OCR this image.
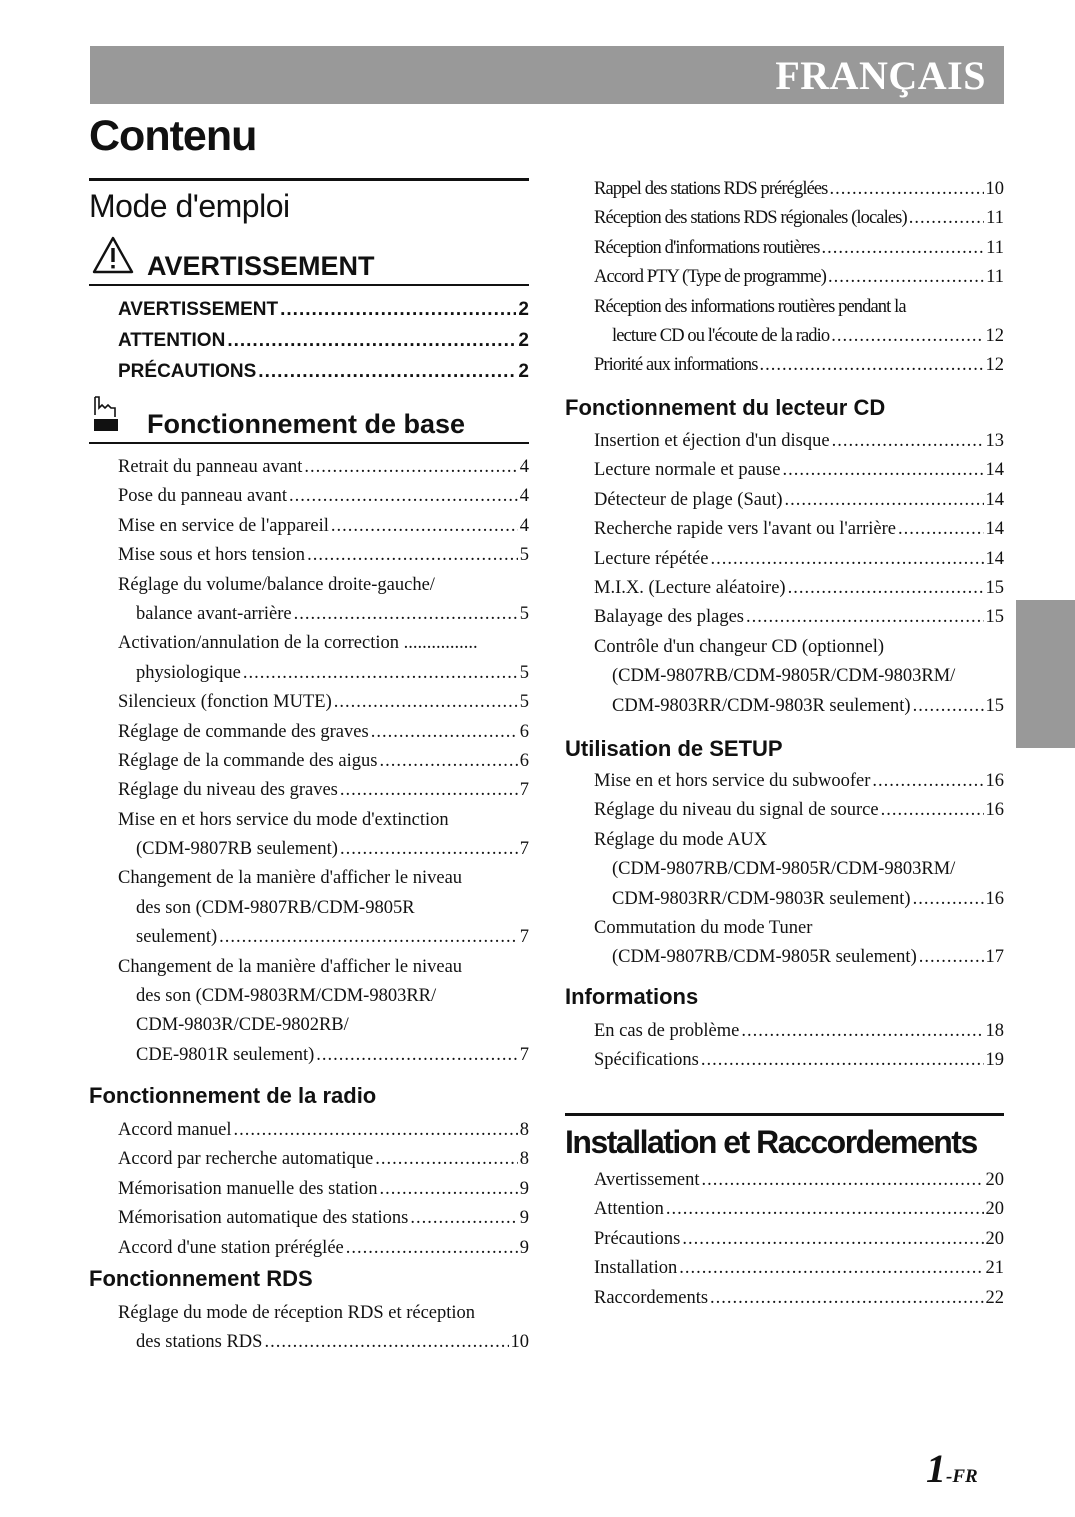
FRANÇAIS
Contenu
Mode d'emploi
AVERTISSEMENT
AVERTISSEMENT .....	2
ATTENTION .....	2
PRÉCAUTIONS .....	2
Fonctionnement de base
Retrait du panneau avant .....	4
Pose du panneau avant .....	4
Mise en service de l'appareil .....	4
Mise sous et hors tension .....	5
Réglage du volume/balance droite-gauche/
balance avant-arrière .....	5
Activation/annulation de la correction ................
physiologique .....	5
Silencieux (fonction MUTE) .....	5
Réglage de commande des graves .....	6
Réglage de la commande des aigus .....	6
Réglage du niveau des graves .....	7
Mise en et hors service du mode d'extinction
(CDM-9807RB seulement) .....	7
Changement de la manière d'afficher le niveau
des son (CDM-9807RB/CDM-9805R
seulement) .....	7
Changement de la manière d'afficher le niveau
des son (CDM-9803RM/CDM-9803RR/
CDM-9803R/CDE-9802RB/
CDE-9801R seulement) .....	7
Fonctionnement de la radio
Accord manuel .....	8
Accord par recherche automatique .....	8
Mémorisation manuelle des station .....	9
Mémorisation automatique des stations .....	9
Accord d'une station préréglée .....	9
Fonctionnement RDS
Réglage du mode de réception RDS et réception
des stations RDS .....	10
Rappel des stations RDS préréglées .....	10
Réception des stations RDS régionales (locales) .....	11
Réception d'informations routières .....	11
Accord PTY (Type de programme) .....	11
Réception des informations routières pendant la
lecture CD ou l'écoute de la radio .....	12
Priorité aux informations .....	12
Fonctionnement du lecteur CD
Insertion et éjection d'un disque .....	13
Lecture normale et pause .....	14
Détecteur de plage (Saut) .....	14
Recherche rapide vers l'avant ou l'arrière .....	14
Lecture répétée .....	14
M.I.X. (Lecture aléatoire) .....	15
Balayage des plages .....	15
Contrôle d'un changeur CD (optionnel)
(CDM-9807RB/CDM-9805R/CDM-9803RM/
CDM-9803RR/CDM-9803R seulement) .....	15
Utilisation de SETUP
Mise en et hors service du subwoofer .....	16
Réglage du niveau du signal de source .....	16
Réglage du mode AUX
(CDM-9807RB/CDM-9805R/CDM-9803RM/
CDM-9803RR/CDM-9803R seulement) .....	16
Commutation du mode Tuner
(CDM-9807RB/CDM-9805R seulement) .....	17
Informations
En cas de problème .....	18
Spécifications .....	19
Installation et Raccordements
Avertissement .....	20
Attention .....	20
Précautions .....	20
Installation .....	21
Raccordements .....	22
1-FR
